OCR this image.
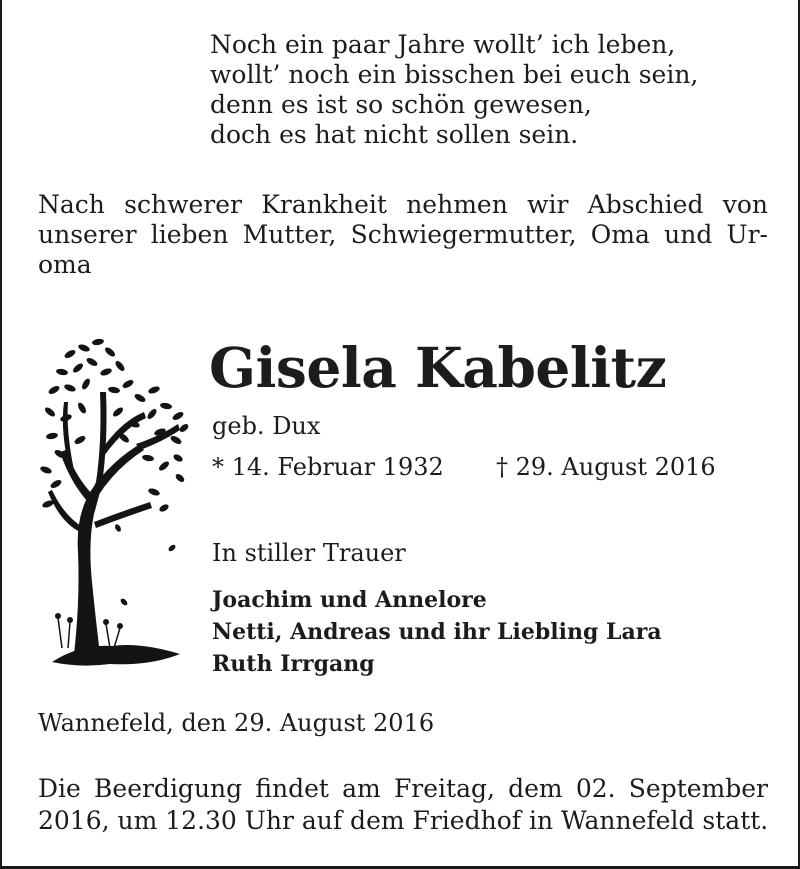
Noch ein paar Jahre wollt’ ich leben,
wollt’ noch ein bisschen bei euch sein,
denn es ist so schön gewesen,
doch es hat nicht sollen sein.
Nach schwerer Krankheit nehmen wir Abschied von
unserer lieben Mutter, Schwiegermutter, Oma und Ur-
oma
Gisela Kabelitz
geb. Dux
* 14. Februar 1932 † 29. August 2016
In stiller Trauer
Joachim und Annelore
Netti, Andreas und ihr Liebling Lara
Ruth Irrgang
Wannefeld, den 29. August 2016
Die Beerdigung findet am Freitag, dem 02. September
2016, um 12.30 Uhr auf dem Friedhof in Wannefeld statt.
